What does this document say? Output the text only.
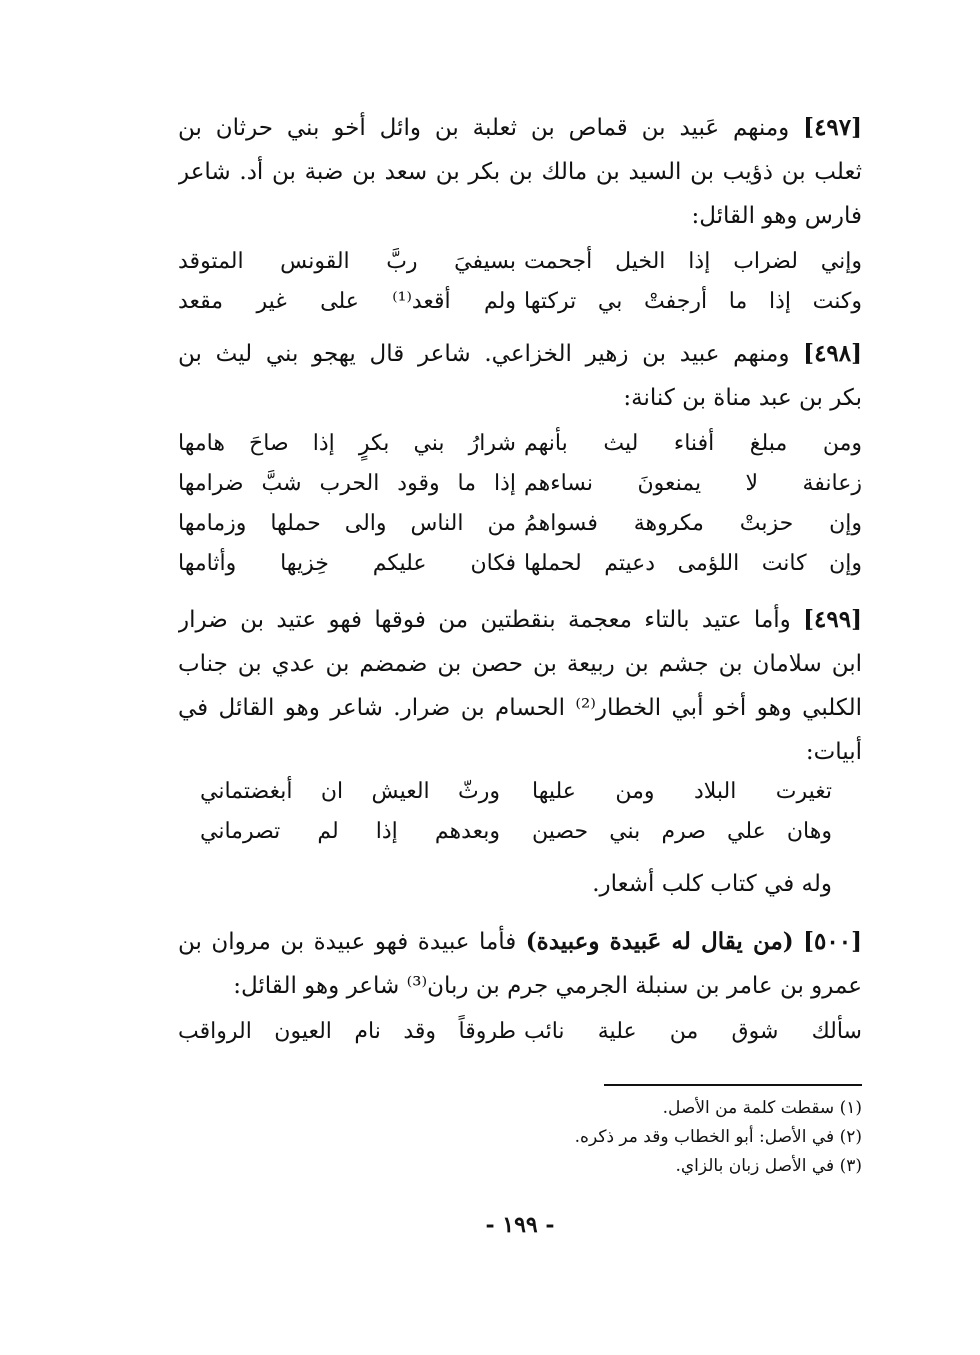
[٤٩٧] ومنهم عَبيد بن قماص بن ثعلبة بن وائل أخو بني حرثان بن
ثعلب بن ذؤيب بن السيد بن مالك بن بكر بن سعد بن ضبة بن أد. شاعر
فارس وهو القائل:
وإني لضراب إذا الخيل أجحمت
بسيفيَ ربَّ القونس المتوقد
وكنت إذا ما أرجفتْ بي تركتها
ولم أقعد⁽¹⁾ على غير مقعد
[٤٩٨] ومنهم عبيد بن زهير الخزاعي. شاعر قال يهجو بني ليث بن
بكر بن عبد مناة بن كنانة:
ومن مبلغ أفناء ليث بأنهم
شرارُ بني بكرٍ إذا صاحَ هامها
زعانفة لا يمنعونَ نساءهم
إذا ما وقود الحرب شبَّ ضرامها
وإن حزبتْ مكروهة فسواهمُ
من الناس والى حملها وزمامها
وإن كانت اللؤمى دعيتم لحملها
فكان عليكم خِزيها وأثامها
[٤٩٩] وأما عتيد بالتاء معجمة بنقطتين من فوقها فهو عتيد بن ضرار
ابن سلامان بن جشم بن ربيعة بن حصن بن ضمضم بن عدي بن جناب
الكلبي وهو أخو أبي الخطار⁽²⁾ الحسام بن ضرار. شاعر وهو القائل في
أبيات:
تغيرت البلاد ومن عليها
ورثّ العيش ان أبغضتماني
وهان علي صرم بني حصين
وبعدهم إذا لم تصرماني
وله في كتاب كلب أشعار.
[٥٠٠] (من يقال له عَبيدة وعبيدة) فأما عبيدة فهو عبيدة بن مروان بن
عمرو بن عامر بن سنبلة الجرمي جرم بن ربان⁽³⁾ شاعر وهو القائل:
سألك شوق من علية نائب
طروقاً وقد نام العيون الرواقب
(١) سقطت كلمة من الأصل.
(٢) في الأصل: أبو الخطاب وقد مر ذكره.
(٣) في الأصل زبان بالزاي.
- ١٩٩ -
